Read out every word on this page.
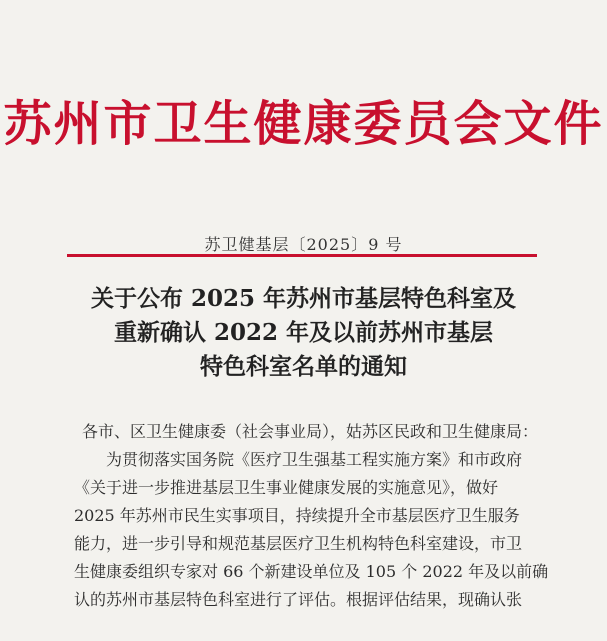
苏州市卫生健康委员会文件
苏卫健基层〔2025〕9 号
关于公布 2025 年苏州市基层特色科室及
重新确认 2022 年及以前苏州市基层
特色科室名单的通知

各市、区卫生健康委（社会事业局），姑苏区民政和卫生健康局：

为贯彻落实国务院《医疗卫生强基工程实施方案》和市政府

《关于进一步推进基层卫生事业健康发展的实施意见》，做好

2025 年苏州市民生实事项目，持续提升全市基层医疗卫生服务

能力，进一步引导和规范基层医疗卫生机构特色科室建设，市卫

生健康委组织专家对 66 个新建设单位及 105 个 2022 年及以前确

认的苏州市基层特色科室进行了评估。根据评估结果，现确认张
